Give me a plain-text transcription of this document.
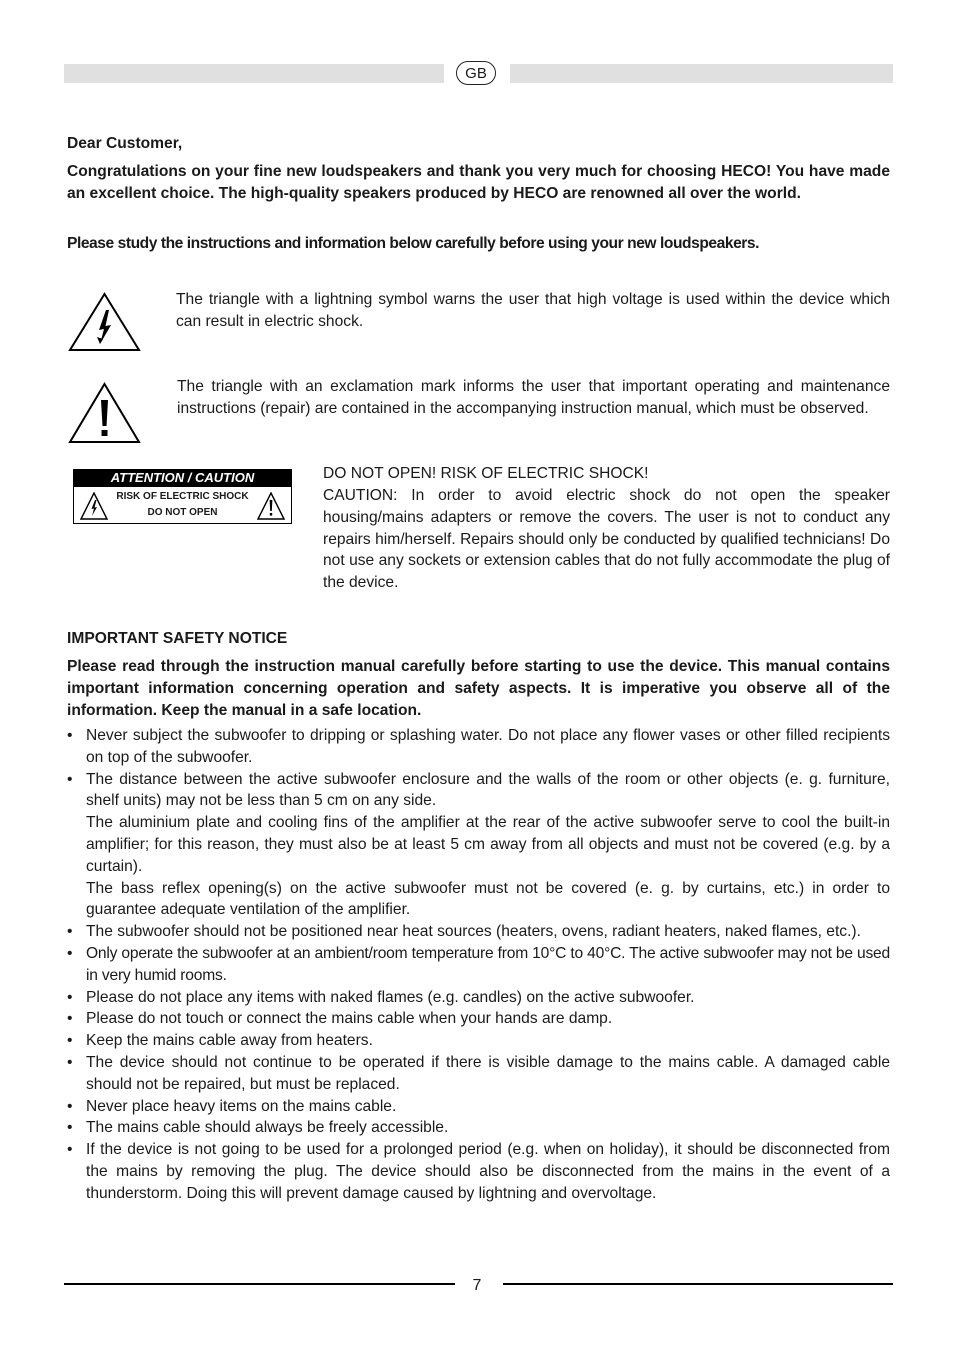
GB

Dear Customer,

Congratulations on your fine new loudspeakers and thank you very much for choosing HECO! You have made an excellent choice. The high-quality speakers produced by HECO are renowned all over the world.

Please study the instructions and information below carefully before using your new loudspeakers.

The triangle with a lightning symbol warns the user that high voltage is used within the device which can result in electric shock.

The triangle with an exclamation mark informs the user that important operating and maintenance instructions (repair) are contained in the accompanying instruction manual, which must be observed.

ATTENTION / CAUTION
RISK OF ELECTRIC SHOCK
DO NOT OPEN

DO NOT OPEN! RISK OF ELECTRIC SHOCK!

CAUTION: In order to avoid electric shock do not open the speaker housing/mains adapters or remove the covers. The user is not to conduct any repairs him/herself. Repairs should only be conducted by qualified technicians! Do not use any sockets or extension cables that do not fully accommodate the plug of the device.

IMPORTANT SAFETY NOTICE

Please read through the instruction manual carefully before starting to use the device. This manual contains important information concerning operation and safety aspects. It is imperative you observe all of the information. Keep the manual in a safe location.

• Never subject the subwoofer to dripping or splashing water. Do not place any flower vases or other filled recipients on top of the subwoofer.
• The distance between the active subwoofer enclosure and the walls of the room or other objects (e. g. furniture, shelf units) may not be less than 5 cm on any side.
The aluminium plate and cooling fins of the amplifier at the rear of the active subwoofer serve to cool the built-in amplifier; for this reason, they must also be at least 5 cm away from all objects and must not be covered (e.g. by a curtain).
The bass reflex opening(s) on the active subwoofer must not be covered (e. g. by curtains, etc.) in order to guarantee adequate ventilation of the amplifier.
• The subwoofer should not be positioned near heat sources (heaters, ovens, radiant heaters, naked flames, etc.).
• Only operate the subwoofer at an ambient/room temperature from 10°C to 40°C. The active subwoofer may not be used in very humid rooms.
• Please do not place any items with naked flames (e.g. candles) on the active subwoofer.
• Please do not touch or connect the mains cable when your hands are damp.
• Keep the mains cable away from heaters.
• The device should not continue to be operated if there is visible damage to the mains cable. A damaged cable should not be repaired, but must be replaced.
• Never place heavy items on the mains cable.
• The mains cable should always be freely accessible.
• If the device is not going to be used for a prolonged period (e.g. when on holiday), it should be disconnected from the mains by removing the plug. The device should also be disconnected from the mains in the event of a thunderstorm. Doing this will prevent damage caused by lightning and overvoltage.
7
